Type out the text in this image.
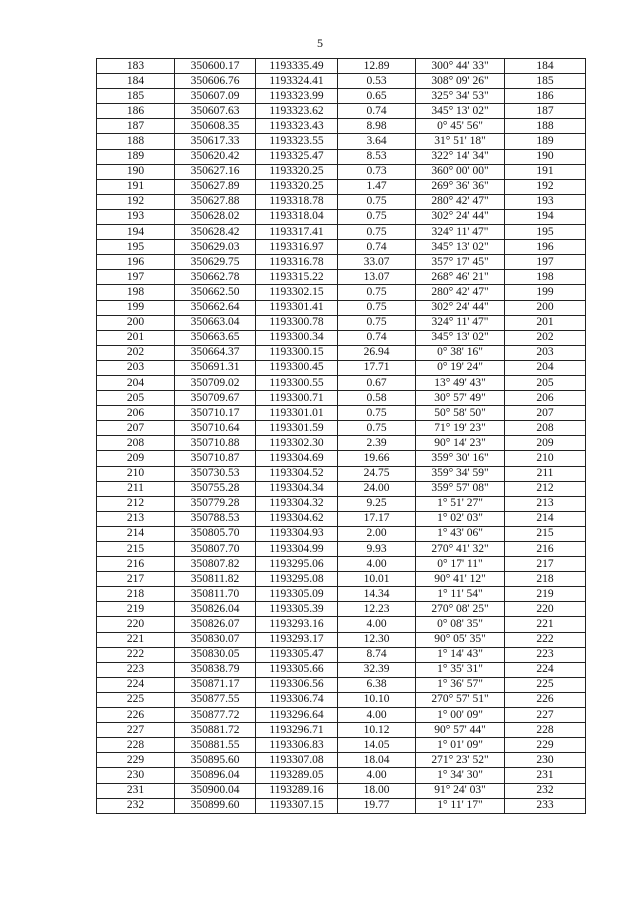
5
183	350600.17	1193335.49	12.89	300° 44' 33"	184
184	350606.76	1193324.41	0.53	308° 09' 26"	185
185	350607.09	1193323.99	0.65	325° 34' 53"	186
186	350607.63	1193323.62	0.74	345° 13' 02"	187
187	350608.35	1193323.43	8.98	0° 45' 56"	188
188	350617.33	1193323.55	3.64	31° 51' 18"	189
189	350620.42	1193325.47	8.53	322° 14' 34"	190
190	350627.16	1193320.25	0.73	360° 00' 00"	191
191	350627.89	1193320.25	1.47	269° 36' 36"	192
192	350627.88	1193318.78	0.75	280° 42' 47"	193
193	350628.02	1193318.04	0.75	302° 24' 44"	194
194	350628.42	1193317.41	0.75	324° 11' 47"	195
195	350629.03	1193316.97	0.74	345° 13' 02"	196
196	350629.75	1193316.78	33.07	357° 17' 45"	197
197	350662.78	1193315.22	13.07	268° 46' 21"	198
198	350662.50	1193302.15	0.75	280° 42' 47"	199
199	350662.64	1193301.41	0.75	302° 24' 44"	200
200	350663.04	1193300.78	0.75	324° 11' 47"	201
201	350663.65	1193300.34	0.74	345° 13' 02"	202
202	350664.37	1193300.15	26.94	0° 38' 16"	203
203	350691.31	1193300.45	17.71	0° 19' 24"	204
204	350709.02	1193300.55	0.67	13° 49' 43"	205
205	350709.67	1193300.71	0.58	30° 57' 49"	206
206	350710.17	1193301.01	0.75	50° 58' 50"	207
207	350710.64	1193301.59	0.75	71° 19' 23"	208
208	350710.88	1193302.30	2.39	90° 14' 23"	209
209	350710.87	1193304.69	19.66	359° 30' 16"	210
210	350730.53	1193304.52	24.75	359° 34' 59"	211
211	350755.28	1193304.34	24.00	359° 57' 08"	212
212	350779.28	1193304.32	9.25	1° 51' 27"	213
213	350788.53	1193304.62	17.17	1° 02' 03"	214
214	350805.70	1193304.93	2.00	1° 43' 06"	215
215	350807.70	1193304.99	9.93	270° 41' 32"	216
216	350807.82	1193295.06	4.00	0° 17' 11"	217
217	350811.82	1193295.08	10.01	90° 41' 12"	218
218	350811.70	1193305.09	14.34	1° 11' 54"	219
219	350826.04	1193305.39	12.23	270° 08' 25"	220
220	350826.07	1193293.16	4.00	0° 08' 35"	221
221	350830.07	1193293.17	12.30	90° 05' 35"	222
222	350830.05	1193305.47	8.74	1° 14' 43"	223
223	350838.79	1193305.66	32.39	1° 35' 31"	224
224	350871.17	1193306.56	6.38	1° 36' 57"	225
225	350877.55	1193306.74	10.10	270° 57' 51"	226
226	350877.72	1193296.64	4.00	1° 00' 09"	227
227	350881.72	1193296.71	10.12	90° 57' 44"	228
228	350881.55	1193306.83	14.05	1° 01' 09"	229
229	350895.60	1193307.08	18.04	271° 23' 52"	230
230	350896.04	1193289.05	4.00	1° 34' 30"	231
231	350900.04	1193289.16	18.00	91° 24' 03"	232
232	350899.60	1193307.15	19.77	1° 11' 17"	233
